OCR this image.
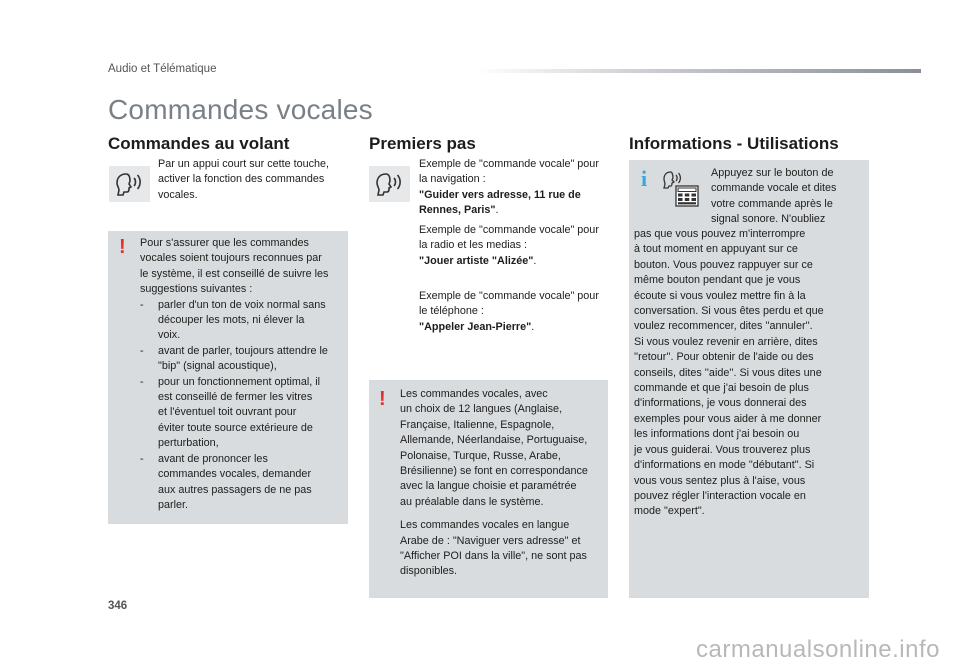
Audio et Télématique
Commandes vocales
Commandes au volant

Par un appui court sur cette touche,

activer la fonction des commandes

vocales.

! Pour s'assurer que les commandes

vocales soient toujours reconnues par

le système, il est conseillé de suivre les

suggestions suivantes :

- parler d'un ton de voix normal sans
découper les mots, ni élever la
voix.
- avant de parler, toujours attendre le
"bip" (signal acoustique),
- pour un fonctionnement optimal, il
est conseillé de fermer les vitres
et l'éventuel toit ouvrant pour
éviter toute source extérieure de
perturbation,
- avant de prononcer les
commandes vocales, demander
aux autres passagers de ne pas
parler.
Premiers pas

Exemple de "commande vocale" pour

la navigation :

"Guider vers adresse, 11 rue de

Rennes, Paris".

Exemple de "commande vocale" pour

la radio et les medias :

"Jouer artiste "Alizée".

Exemple de "commande vocale" pour

le téléphone :

"Appeler Jean-Pierre".

! Les commandes vocales, avec

un choix de 12 langues (Anglaise,

Française, Italienne, Espagnole,

Allemande, Néerlandaise, Portuguaise,

Polonaise, Turque, Russe, Arabe,

Brésilienne) se font en correspondance

avec la langue choisie et paramétrée

au préalable dans le système.

Les commandes vocales en langue

Arabe de : "Naviguer vers adresse" et

"Afficher POI dans la ville", ne sont pas

disponibles.

Informations - Utilisations
i	Appuyez sur le bouton de

commande vocale et dites

votre commande après le

signal sonore. N'oubliez

pas que vous pouvez m'interrompre

à tout moment en appuyant sur ce

bouton. Vous pouvez rappuyer sur ce

même bouton pendant que je vous

écoute si vous voulez mettre fin à la

conversation. Si vous êtes perdu et que

voulez recommencer, dites ''annuler''.

Si vous voulez revenir en arrière, dites

''retour''. Pour obtenir de l'aide ou des

conseils, dites ''aide''. Si vous dites une

commande et que j'ai besoin de plus

d'informations, je vous donnerai des

exemples pour vous aider à me donner

les informations dont j'ai besoin ou

je vous guiderai. Vous trouverez plus

d'informations en mode "débutant". Si

vous vous sentez plus à l'aise, vous

pouvez régler l'interaction vocale en

mode "expert".

346
carmanualsonline.info
